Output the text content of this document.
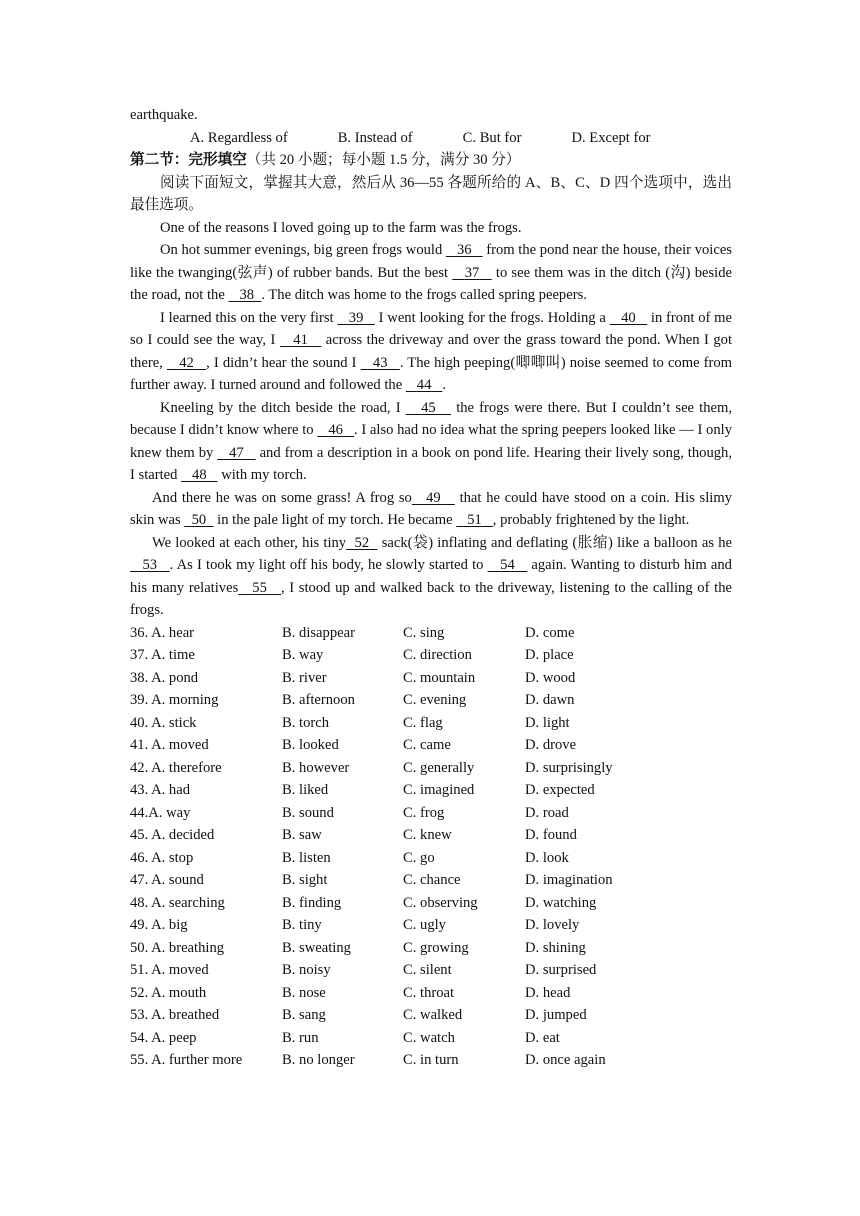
earthquake.
A. Regardless of	B. Instead of	C. But for	D. Except for
第二节：完形填空（共 20 小题；每小题 1.5 分，满分 30 分）

阅读下面短文，掌握其大意，然后从 36—55 各题所给的 A、B、C、D 四个选项中，选出最佳选项。

One of the reasons I loved going up to the farm was the frogs.

On hot summer evenings, big green frogs would    36    from the pond near the house, their voices like the twanging(弦声) of rubber bands. But the best    37    to see them was in the ditch (沟) beside the road, not the    38 . The ditch was home to the frogs called spring peepers.

I learned this on the very first    39    I went looking for the frogs. Holding a    40    in front of me so I could see the way, I    41    across the driveway and over the grass toward the pond. When I got there,    42 , I didn’t hear the sound I    43 . The high peeping(唧唧叫) noise seemed to come from further away. I turned around and followed the    44 .

Kneeling by the ditch beside the road, I    45    the frogs were there. But I couldn’t see them, because I didn’t know where to    46 . I also had no idea what the spring peepers looked like — I only knew them by    47    and from a description in a book on pond life. Hearing their lively song, though, I started    48    with my torch.

And there he was on some grass! A frog so 49    that he could have stood on a coin. His slimy skin was   50   in the pale light of my torch. He became    51 , probably frightened by the light.

We looked at each other, his tiny 52   sack(袋) inflating and deflating (胀缩) like a balloon as he    53 . As I took my light off his body, he slowly started to    54    again. Wanting to disturb him and his many relatives 55 , I stood up and walked back to the driveway, listening to the calling of the frogs.

36. A. hear	B. disappear	C. sing	D. come
37. A. time	B. way	C. direction	D. place
38. A. pond	B. river	C. mountain	D. wood
39. A. morning	B. afternoon	C. evening	D. dawn
40. A. stick	B. torch	C. flag	D. light
41. A. moved	B. looked	C. came	D. drove
42. A. therefore	B. however	C. generally	D. surprisingly
43. A. had	B. liked	C. imagined	D. expected
44.A. way	B. sound	C. frog	D. road
45. A. decided	B. saw	C. knew	D. found
46. A. stop	B. listen	C. go	D. look
47. A. sound	B. sight	C. chance	D. imagination
48. A. searching	B. finding	C. observing	D. watching
49. A. big	B. tiny	C. ugly	D. lovely
50. A. breathing	B. sweating	C. growing	D. shining
51. A. moved	B. noisy	C. silent	D. surprised
52. A. mouth	B. nose	C. throat	D. head
53. A. breathed	B. sang	C. walked	D. jumped
54. A. peep	B. run	C. watch	D. eat
55. A. further more	B. no longer	C. in turn	D. once again
